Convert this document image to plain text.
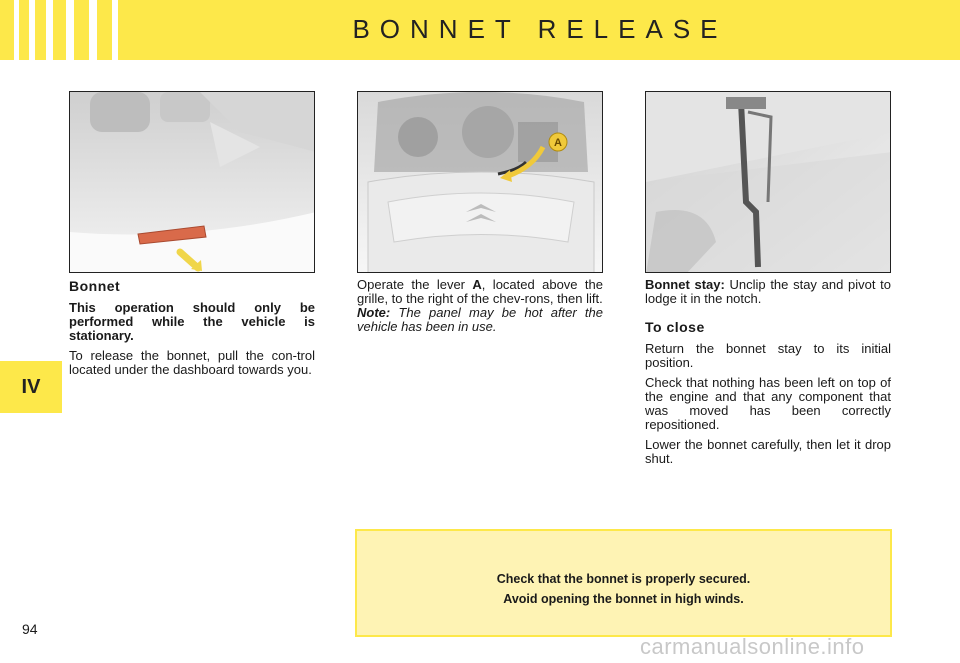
BONNET RELEASE
IV
A
Bonnet

This operation should only be performed while the vehicle is stationary.

To release the bonnet, pull the con-trol located under the dashboard towards you.

Operate the lever A, located above the grille, to the right of the chev-rons, then lift.

Note: The panel may be hot after the vehicle has been in use.

Bonnet stay: Unclip the stay and pivot to lodge it in the notch.

To close

Return the bonnet stay to its initial position.

Check that nothing has been left on top of the engine and that any component that was moved has been correctly repositioned.

Lower the bonnet carefully, then let it drop shut.

Check that the bonnet is properly secured.
Avoid opening the bonnet in high winds.
94
carmanualsonline.info
